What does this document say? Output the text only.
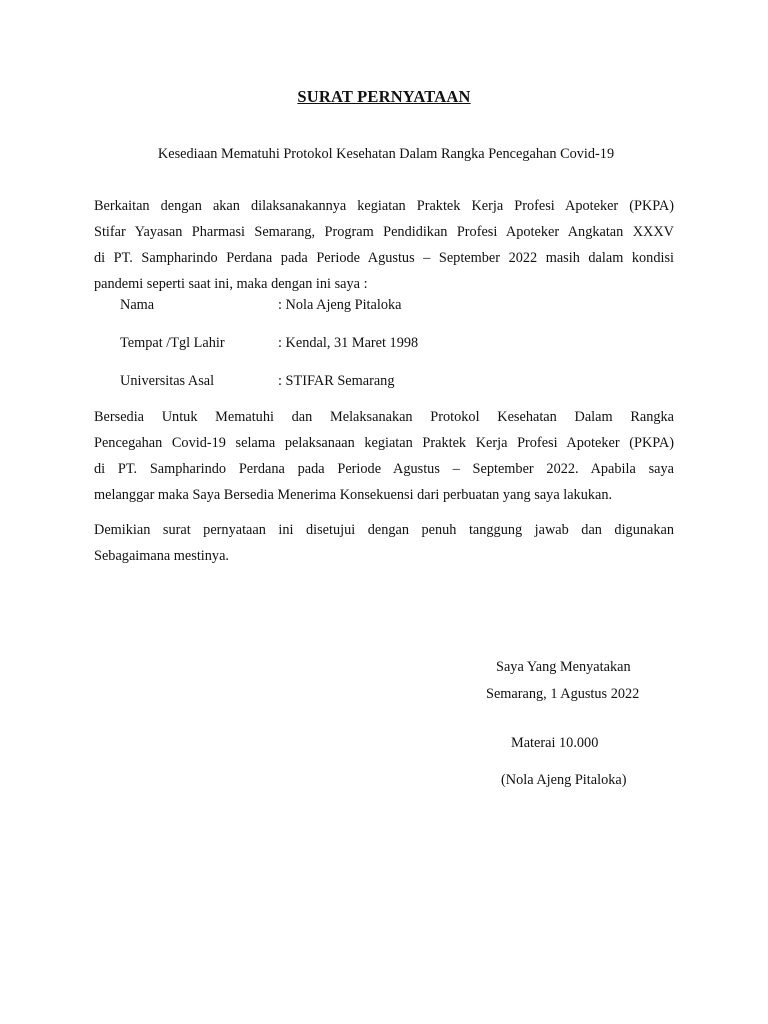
SURAT PERNYATAAN
Kesediaan Mematuhi Protokol Kesehatan Dalam Rangka Pencegahan Covid-19
Berkaitan dengan akan dilaksanakannya kegiatan Praktek Kerja Profesi Apoteker (PKPA)
Stifar Yayasan Pharmasi Semarang, Program Pendidikan Profesi Apoteker Angkatan XXXV
di PT. Sampharindo Perdana pada Periode Agustus – September 2022 masih dalam kondisi
pandemi seperti saat ini, maka dengan ini saya :
Nama	: Nola Ajeng Pitaloka
Tempat /Tgl Lahir	: Kendal, 31 Maret 1998
Universitas Asal	: STIFAR Semarang
Bersedia Untuk Mematuhi dan Melaksanakan Protokol Kesehatan Dalam Rangka
Pencegahan Covid-19 selama pelaksanaan kegiatan Praktek Kerja Profesi Apoteker (PKPA)
di PT. Sampharindo Perdana pada Periode Agustus – September 2022. Apabila saya
melanggar maka Saya Bersedia Menerima Konsekuensi dari perbuatan yang saya lakukan.
Demikian surat pernyataan ini disetujui dengan penuh tanggung jawab dan digunakan
Sebagaimana mestinya.
Saya Yang Menyatakan
Semarang, 1 Agustus 2022
Materai 10.000
(Nola Ajeng Pitaloka)
